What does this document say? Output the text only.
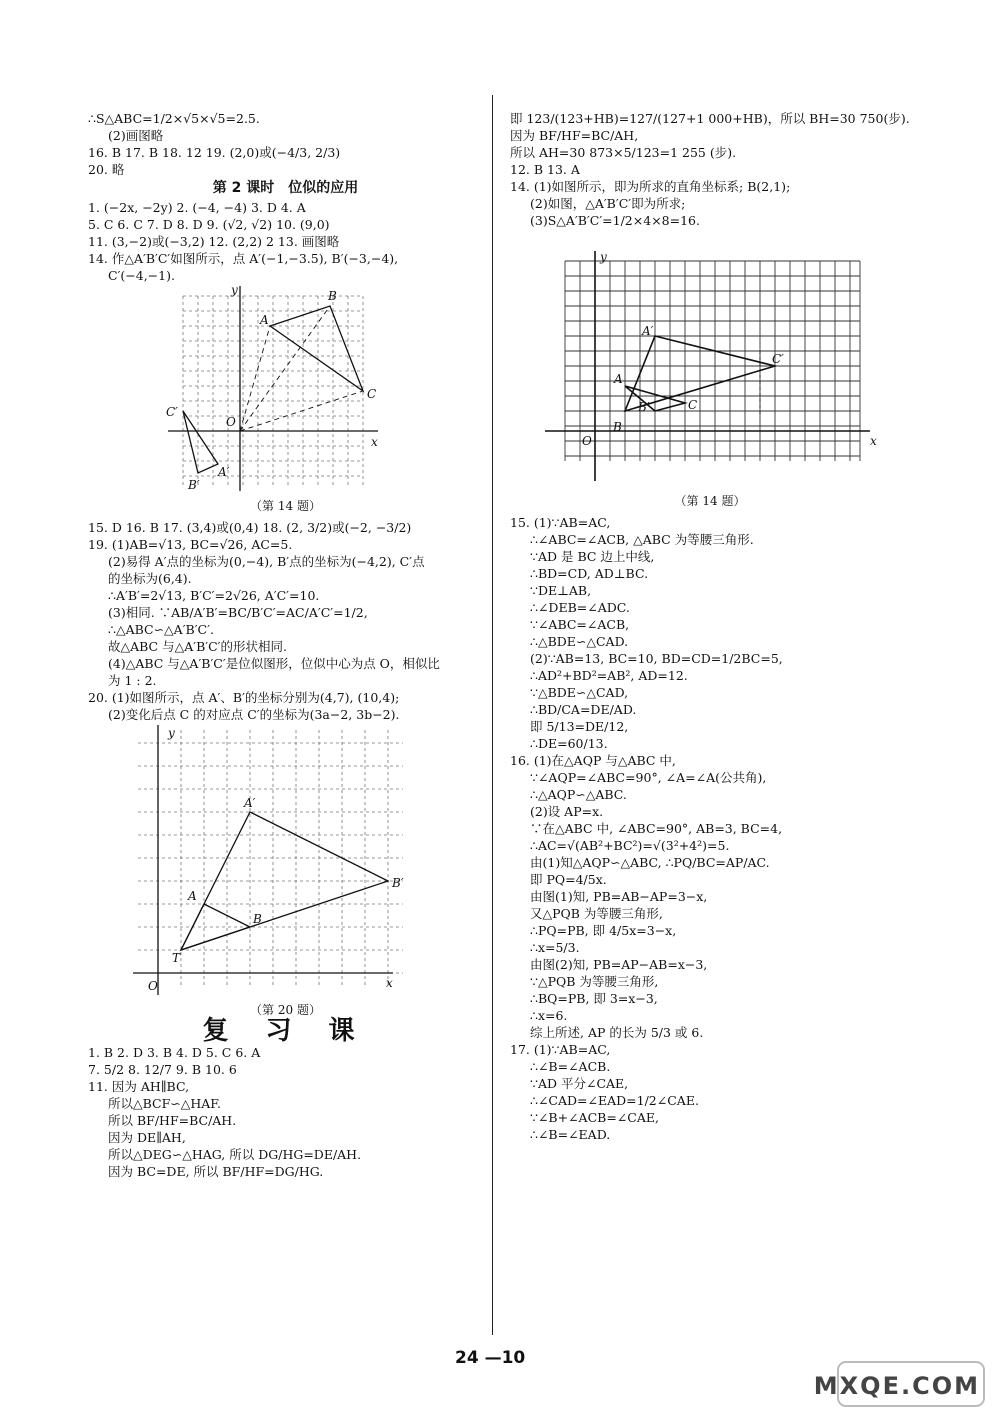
∴S△ABC=1/2×√5×√5=2.5.
(2)画图略
16. B 17. B 18. 12 19. (2,0)或(−4/3, 2/3)
20. 略
第 2 课时　位似的应用
1. (−2x, −2y) 2. (−4, −4) 3. D 4. A
5. C 6. C 7. D 8. D 9. (√2, √2) 10. (9,0)
11. (3,−2)或(−3,2) 12. (2,2) 2 13. 画图略
14. 作△A′B′C′如图所示，点 A′(−1,−3.5), B′(−3,−4),
C′(−4,−1).
y
x
O
A
B
C
A′
B′
C′
（第 14 题）
15. D 16. B 17. (3,4)或(0,4) 18. (2, 3/2)或(−2, −3/2)
19. (1)AB=√13, BC=√26, AC=5.
(2)易得 A′点的坐标为(0,−4), B′点的坐标为(−4,2), C′点
的坐标为(6,4).
∴A′B′=2√13, B′C′=2√26, A′C′=10.
(3)相同. ∵AB/A′B′=BC/B′C′=AC/A′C′=1/2,
∴△ABC∽△A′B′C′.
故△ABC 与△A′B′C′的形状相同.
(4)△ABC 与△A′B′C′是位似图形，位似中心为点 O，相似比
为 1 : 2.
20. (1)如图所示，点 A′、B′的坐标分别为(4,7), (10,4);
(2)变化后点 C 的对应点 C′的坐标为(3a−2, 3b−2).
y
x
O
A
B
T
A′
B′
（第 20 题）
复 习 课
1. B 2. D 3. B 4. D 5. C 6. A
7. 5/2 8. 12/7 9. B 10. 6
11. 因为 AH∥BC,
所以△BCF∽△HAF.
所以 BF/HF=BC/AH.
因为 DE∥AH,
所以△DEG∽△HAG, 所以 DG/HG=DE/AH.
因为 BC=DE, 所以 BF/HF=DG/HG.
即 123/(123+HB)=127/(127+1 000+HB)，所以 BH=30 750(步).
因为 BF/HF=BC/AH,
所以 AH=30 873×5/123=1 255 (步).
12. B 13. A
14. (1)如图所示，即为所求的直角坐标系; B(2,1);
(2)如图，△A′B′C′即为所求;
(3)S△A′B′C′=1/2×4×8=16.
y
x
O
A
B
C
A′
B′
C′
（第 14 题）
15. (1)∵AB=AC,
∴∠ABC=∠ACB, △ABC 为等腰三角形.
∵AD 是 BC 边上中线,
∴BD=CD, AD⊥BC.
∵DE⊥AB,
∴∠DEB=∠ADC.
∵∠ABC=∠ACB,
∴△BDE∽△CAD.
(2)∵AB=13, BC=10, BD=CD=1/2BC=5,
∴AD²+BD²=AB², AD=12.
∵△BDE∽△CAD,
∴BD/CA=DE/AD.
即 5/13=DE/12,
∴DE=60/13.
16. (1)在△AQP 与△ABC 中,
∵∠AQP=∠ABC=90°, ∠A=∠A(公共角),
∴△AQP∽△ABC.
(2)设 AP=x.
∵在△ABC 中, ∠ABC=90°, AB=3, BC=4,
∴AC=√(AB²+BC²)=√(3²+4²)=5.
由(1)知△AQP∽△ABC, ∴PQ/BC=AP/AC.
即 PQ=4/5x.
由图(1)知, PB=AB−AP=3−x,
又△PQB 为等腰三角形,
∴PQ=PB, 即 4/5x=3−x,
∴x=5/3.
由图(2)知, PB=AP−AB=x−3,
∵△PQB 为等腰三角形,
∴BQ=PB, 即 3=x−3,
∴x=6.
综上所述, AP 的长为 5/3 或 6.
17. (1)∵AB=AC,
∴∠B=∠ACB.
∵AD 平分∠CAE,
∴∠CAD=∠EAD=1/2∠CAE.
∵∠B+∠ACB=∠CAE,
∴∠B=∠EAD.
24 —10
MXQE.COM
